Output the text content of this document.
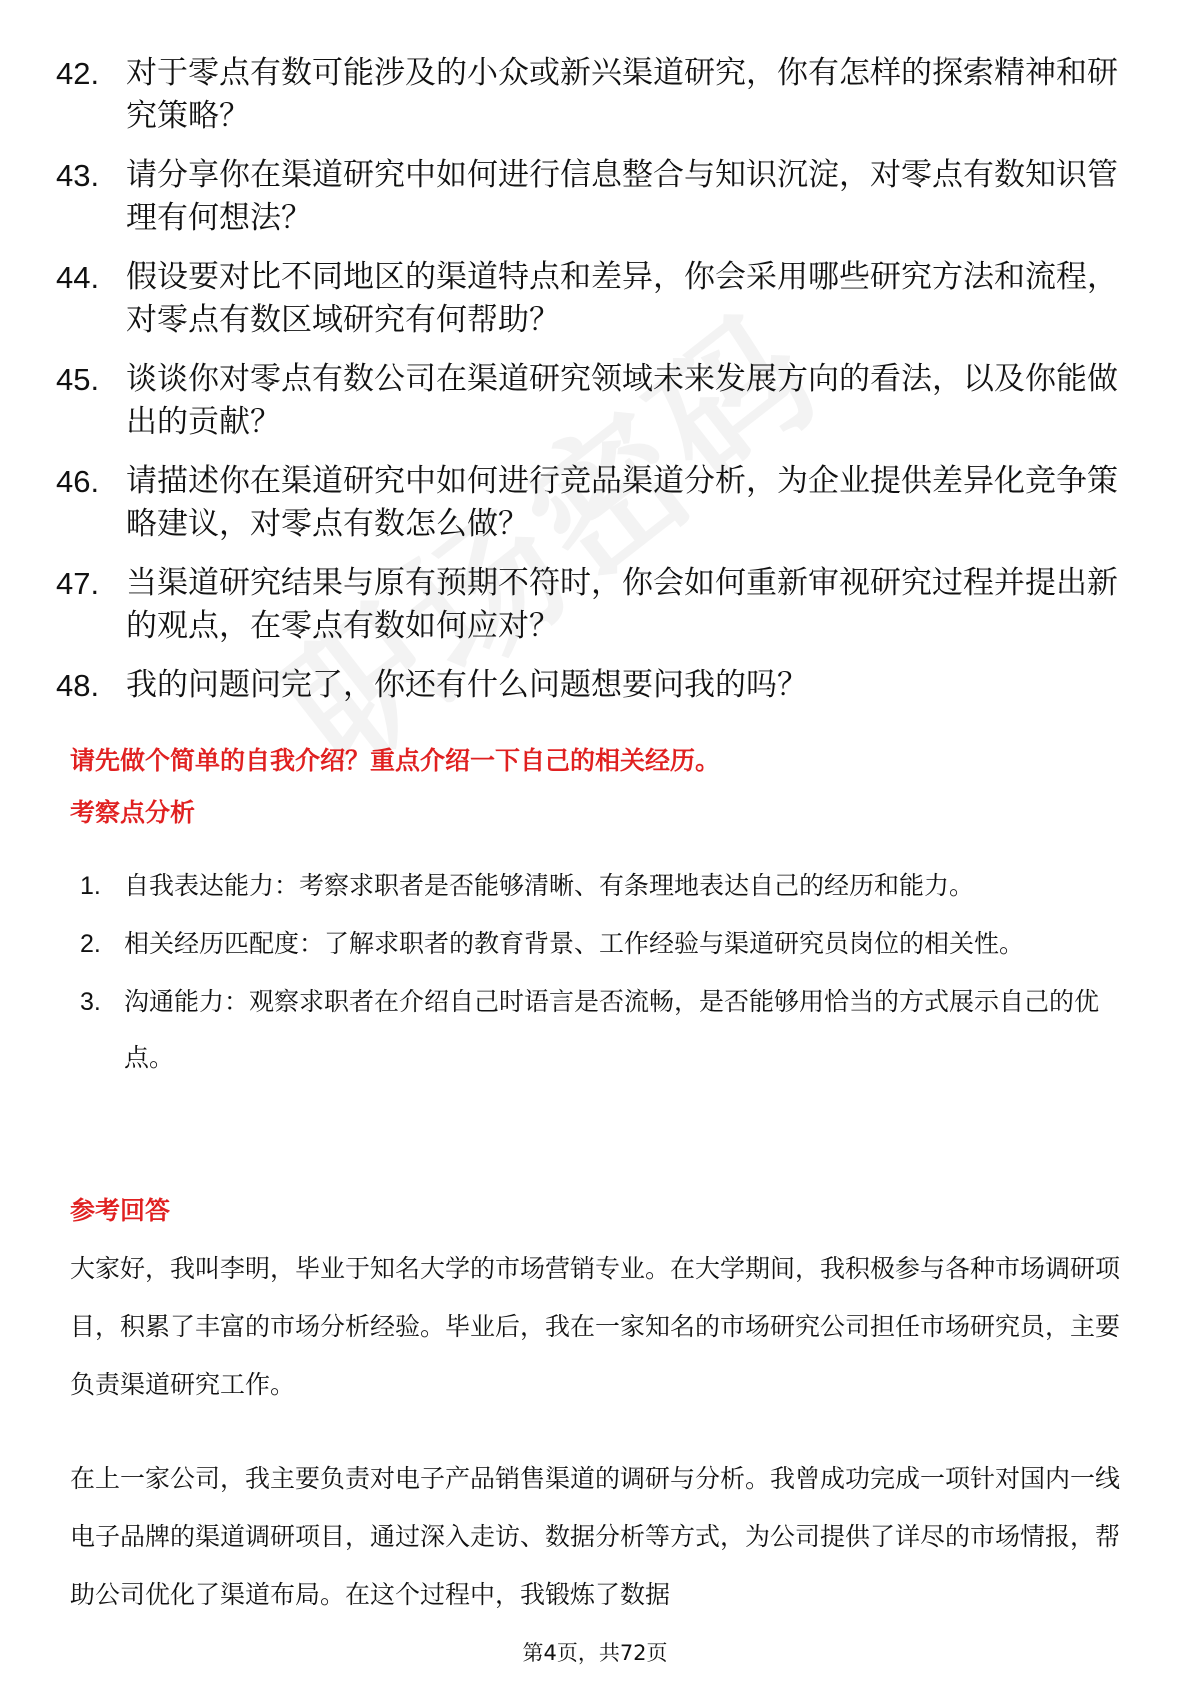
42. 对于零点有数可能涉及的小众或新兴渠道研究，你有怎样的探索精神和研究策略？
43. 请分享你在渠道研究中如何进行信息整合与知识沉淀，对零点有数知识管理有何想法？
44. 假设要对比不同地区的渠道特点和差异，你会采用哪些研究方法和流程，对零点有数区域研究有何帮助？
45. 谈谈你对零点有数公司在渠道研究领域未来发展方向的看法，以及你能做出的贡献？
46. 请描述你在渠道研究中如何进行竞品渠道分析，为企业提供差异化竞争策略建议，对零点有数怎么做？
47. 当渠道研究结果与原有预期不符时，你会如何重新审视研究过程并提出新的观点，在零点有数如何应对？
48. 我的问题问完了，你还有什么问题想要问我的吗？
请先做个简单的自我介绍？重点介绍一下自己的相关经历。
考察点分析
1. 自我表达能力：考察求职者是否能够清晰、有条理地表达自己的经历和能力。
2. 相关经历匹配度：了解求职者的教育背景、工作经验与渠道研究员岗位的相关性。
3. 沟通能力：观察求职者在介绍自己时语言是否流畅，是否能够用恰当的方式展示自己的优点。
参考回答
大家好，我叫李明，毕业于知名大学的市场营销专业。在大学期间，我积极参与各种市场调研项目，积累了丰富的市场分析经验。毕业后，我在一家知名的市场研究公司担任市场研究员，主要负责渠道研究工作。
在上一家公司，我主要负责对电子产品销售渠道的调研与分析。我曾成功完成一项针对国内一线电子品牌的渠道调研项目，通过深入走访、数据分析等方式，为公司提供了详尽的市场情报，帮助公司优化了渠道布局。在这个过程中，我锻炼了数据
第4页，共72页
